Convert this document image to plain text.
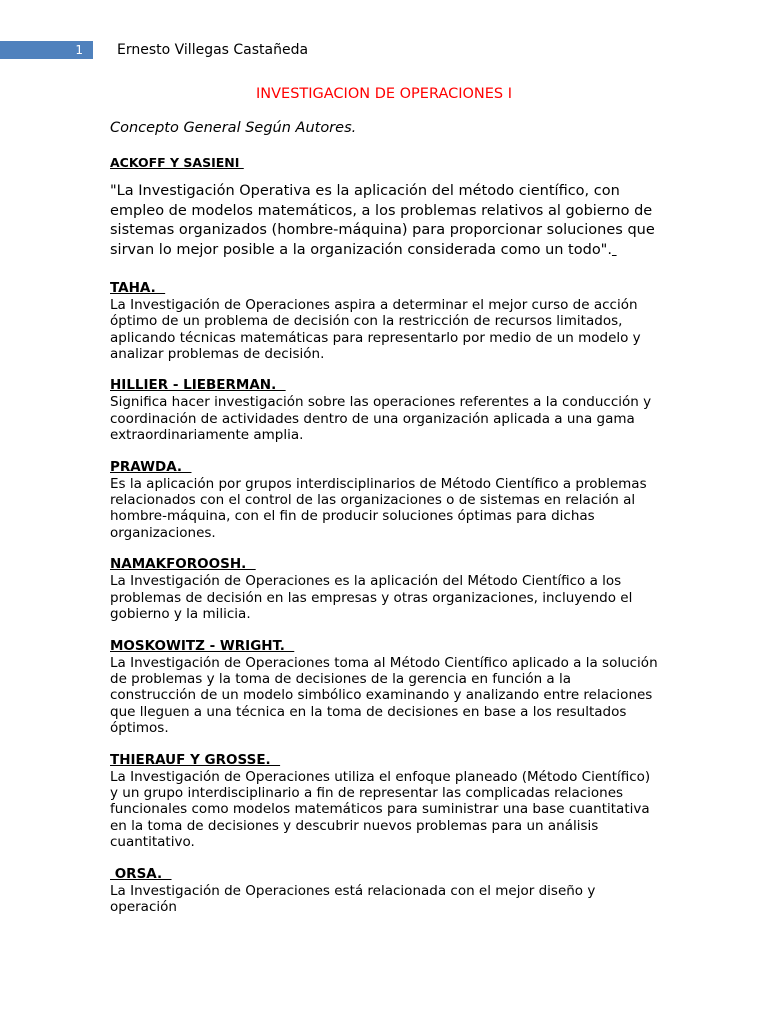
1 Ernesto Villegas Castañeda
INVESTIGACION DE OPERACIONES I
Concepto General Según Autores.
ACKOFF Y SASIENI
"La Investigación Operativa es la aplicación del método científico, con empleo de modelos matemáticos, a los problemas relativos al gobierno de sistemas organizados (hombre-máquina) para proporcionar soluciones que sirvan lo mejor posible a la organización considerada como un todo".
TAHA.
La Investigación de Operaciones aspira a determinar el mejor curso de acción óptimo de un problema de decisión con la restricción de recursos limitados, aplicando técnicas matemáticas para representarlo por medio de un modelo y analizar problemas de decisión.
HILLIER - LIEBERMAN.
Significa hacer investigación sobre las operaciones referentes a la conducción y coordinación de actividades dentro de una organización aplicada a una gama extraordinariamente amplia.
PRAWDA.
Es la aplicación por grupos interdisciplinarios de Método Científico a problemas relacionados con el control de las organizaciones o de sistemas en relación al hombre-máquina, con el fin de producir soluciones óptimas para dichas organizaciones.
NAMAKFOROOSH.
La Investigación de Operaciones es la aplicación del Método Científico a los problemas de decisión en las empresas y otras organizaciones, incluyendo el gobierno y la milicia.
MOSKOWITZ - WRIGHT.
La Investigación de Operaciones toma al Método Científico aplicado a la solución de problemas y la toma de decisiones de la gerencia en función a la construcción de un modelo simbólico examinando y analizando entre relaciones que lleguen a una técnica en la toma de decisiones en base a los resultados óptimos.
THIERAUF Y GROSSE.
La Investigación de Operaciones utiliza el enfoque planeado (Método Científico) y un grupo interdisciplinario a fin de representar las complicadas relaciones funcionales como modelos matemáticos para suministrar una base cuantitativa en la toma de decisiones y descubrir nuevos problemas para un análisis cuantitativo.
ORSA.
La Investigación de Operaciones está relacionada con el mejor diseño y operación
